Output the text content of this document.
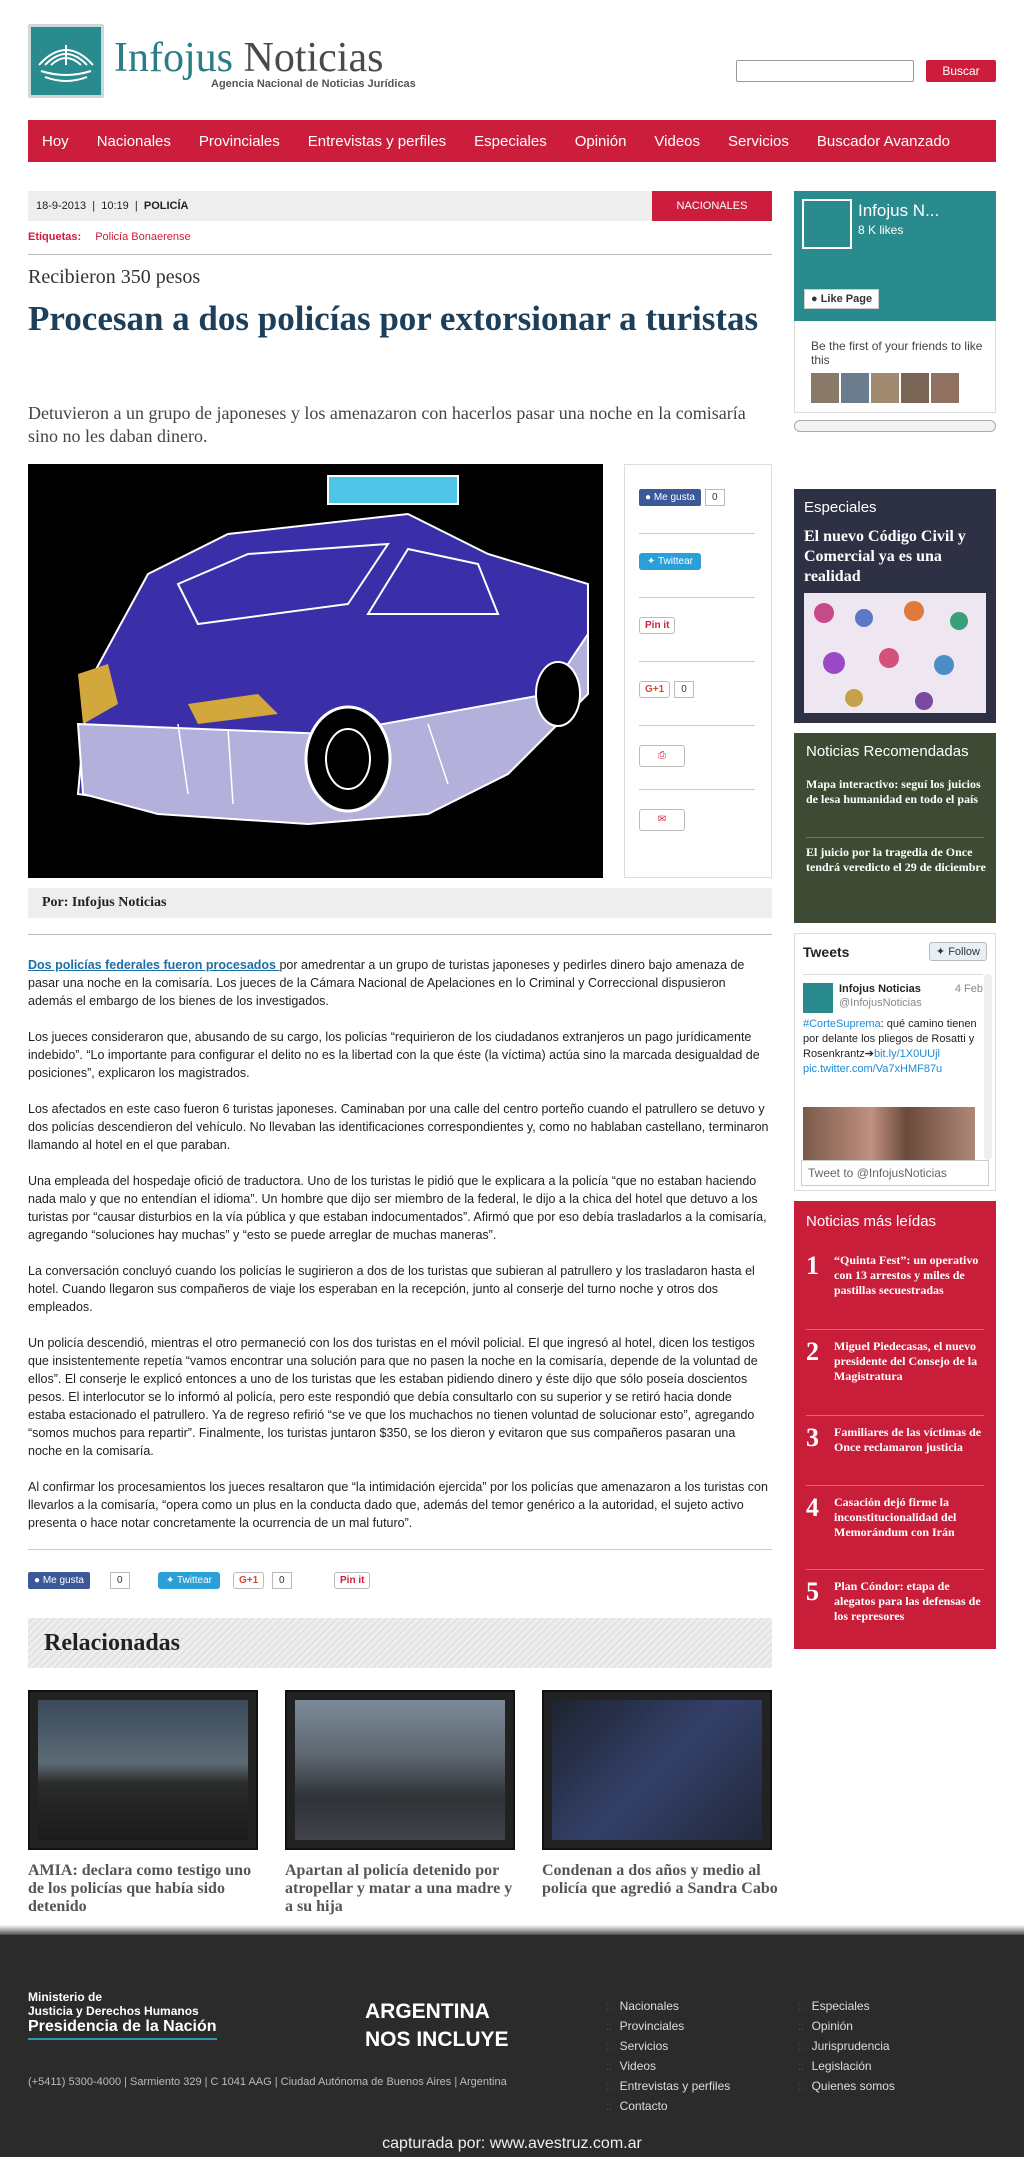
Infojus Noticias
Agencia Nacional de Noticias Jurídicas
Buscar
Hoy Nacionales Provinciales Entrevistas y perfiles Especiales Opinión Videos Servicios Buscador Avanzado
18-9-2013  |  10:19  |  POLICÍA	NACIONALES
Etiquetas: Policía Bonaerense
Recibieron 350 pesos
Procesan a dos policías por extorsionar a turistas
Detuvieron a un grupo de japoneses y los amenazaron con hacerlos pasar una noche en la comisaría sino no les daban dinero.
● Me gusta 0
✦ Twittear
Pin it
G+1 0
⎙
✉
Por: Infojus Noticias

Dos policías federales fueron procesados por amedrentar a un grupo de turistas japoneses y pedirles dinero bajo amenaza de pasar una noche en la comisaría. Los jueces de la Cámara Nacional de Apelaciones en lo Criminal y Correccional dispusieron además el embargo de los bienes de los investigados.

Los jueces consideraron que, abusando de su cargo, los policías “requirieron de los ciudadanos extranjeros un pago jurídicamente indebido”. “Lo importante para configurar el delito no es la libertad con la que éste (la víctima) actúa sino la marcada desigualdad de posiciones”, explicaron los magistrados.

Los afectados en este caso fueron 6 turistas japoneses. Caminaban por una calle del centro porteño cuando el patrullero se detuvo y dos policías descendieron del vehículo. No llevaban las identificaciones correspondientes y, como no hablaban castellano, terminaron llamando al hotel en el que paraban.

Una empleada del hospedaje ofició de traductora. Uno de los turistas le pidió que le explicara a la policía “que no estaban haciendo nada malo y que no entendían el idioma”. Un hombre que dijo ser miembro de la federal, le dijo a la chica del hotel que detuvo a los turistas por “causar disturbios en la vía pública y que estaban indocumentados”. Afirmó que por eso debía trasladarlos a la comisaría, agregando “soluciones hay muchas” y “esto se puede arreglar de muchas maneras”.

La conversación concluyó cuando los policías le sugirieron a dos de los turistas que subieran al patrullero y los trasladaron hasta el hotel. Cuando llegaron sus compañeros de viaje los esperaban en la recepción, junto al conserje del turno noche y otros dos empleados.

Un policía descendió, mientras el otro permaneció con los dos turistas en el móvil policial. El que ingresó al hotel, dicen los testigos que insistentemente repetía “vamos encontrar una solución para que no pasen la noche en la comisaría, depende de la voluntad de ellos”. El conserje le explicó entonces a uno de los turistas que les estaban pidiendo dinero y éste dijo que sólo poseía doscientos pesos. El interlocutor se lo informó al policía, pero este respondió que debía consultarlo con su superior y se retiró hacia donde estaba estacionado el patrullero. Ya de regreso refirió “se ve que los muchachos no tienen voluntad de solucionar esto”, agregando “somos muchos para repartir”. Finalmente, los turistas juntaron $350, se los dieron y evitaron que sus compañeros pasaran una noche en la comisaría.

Al confirmar los procesamientos los jueces resaltaron que “la intimidación ejercida” por los policías que amenazaron a los turistas con llevarlos a la comisaría, “opera como un plus en la conducta dado que, además del temor genérico a la autoridad, el sujeto activo presenta o hace notar concretamente la ocurrencia de un mal futuro”.

● Me gusta	0	✦ Twittear	G+1	0	Pin it
Relacionadas
AMIA: declara como testigo uno de los policías que había sido detenido
Apartan al policía detenido por atropellar y matar a una madre y a su hija
Condenan a dos años y medio al policía que agredió a Sandra Cabo
Infojus N...
8 K likes
● Like Page
Be the first of your friends to like this
Especiales
El nuevo Código Civil y Comercial ya es una realidad
Noticias Recomendadas
Mapa interactivo: seguí los juicios de lesa humanidad en todo el país
El juicio por la tragedia de Once tendrá veredicto el 29 de diciembre
Tweets	✦ Follow
Infojus Noticias	4 Feb
@InfojusNoticias
#CorteSuprema: qué camino tienen por delante los pliegos de Rosatti y Rosenkrantz➔bit.ly/1X0UUjl pic.twitter.com/Va7xHMF87u
Tweet to @InfojusNoticias
Noticias más leídas
1 “Quinta Fest”: un operativo con 13 arrestos y miles de pastillas secuestradas
2 Miguel Piedecasas, el nuevo presidente del Consejo de la Magistratura
3 Familiares de las víctimas de Once reclamaron justicia
4 Casación dejó firme la inconstitucionalidad del Memorándum con Irán
5 Plan Cóndor: etapa de alegatos para las defensas de los represores
Ministerio de
Justicia y Derechos Humanos
Presidencia de la Nación
ARGENTINA
NOS INCLUYE
(+5411) 5300-4000 | Sarmiento 329 | C 1041 AAG | Ciudad Autónoma de Buenos Aires | Argentina
:: Nacionales
:: Provinciales
:: Servicios
:: Videos
:: Entrevistas y perfiles
:: Contacto
:: Especiales
:: Opinión
:: Jurisprudencia
:: Legislación
:: Quienes somos
capturada por: www.avestruz.com.ar
